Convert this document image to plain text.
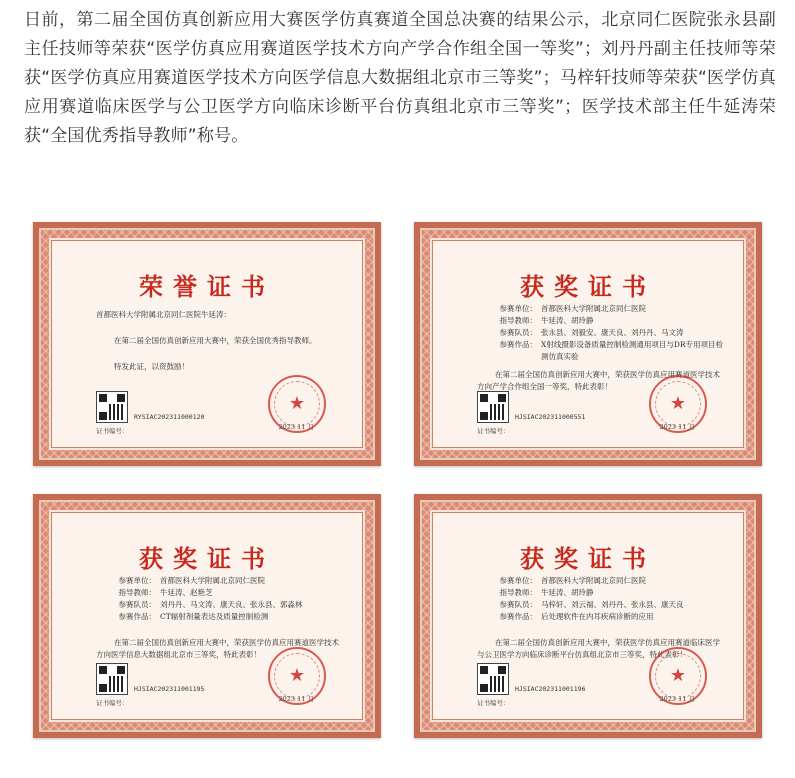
日前，第二届全国仿真创新应用大赛医学仿真赛道全国总决赛的结果公示，北京同仁医院张永县副主任技师等荣获“医学仿真应用赛道医学技术方向产学合作组全国一等奖”；刘丹丹副主任技师等荣获“医学仿真应用赛道医学技术方向医学信息大数据组北京市三等奖”；马梓轩技师等荣获“医学仿真应用赛道临床医学与公卫医学方向临床诊断平台仿真组北京市三等奖”；医学技术部主任牛延涛荣获“全国优秀指导教师”称号。
荣誉证书
首都医科大学附属北京同仁医院牛延涛：
在第二届全国仿真创新应用大赛中，荣获全国优秀指导教师。
特发此证，以资鼓励！
RYSIAC202311000120
证书编号：
★
2023 11 月
获奖证书
参赛单位： 首都医科大学附属北京同仁医院
指导教师： 牛延涛、胡玲静
参赛队员： 张永县、刘毅安、康天良、刘丹丹、马文涛
参赛作品： X射线摄影设备质量控制检测通用项目与DR专用项目检测仿真实验
在第二届全国仿真创新应用大赛中，荣获医学仿真应用赛道医学技术方向产学合作组全国一等奖，特此表彰！
HJSIAC202311000551
证书编号：
★
2023 11 月
获奖证书
参赛单位： 首都医科大学附属北京同仁医院
指导教师： 牛延涛、赵艳芝
参赛队员： 刘丹丹、马文涛、康天良、张永县、郭淼林
参赛作品： CT辐射剂量表达及质量控制检测
在第二届全国仿真创新应用大赛中，荣获医学仿真应用赛道医学技术方向医学信息大数据组北京市三等奖，特此表彰！
HJSIAC202311001195
证书编号：
★
2023 11 月
获奖证书
参赛单位： 首都医科大学附属北京同仁医院
指导教师： 牛延涛、胡玲静
参赛队员： 马梓轩、刘云福、刘丹丹、张永县、康天良
参赛作品： 后处理软件在内耳疾病诊断的应用
在第二届全国仿真创新应用大赛中，荣获医学仿真应用赛道临床医学与公卫医学方向临床诊断平台仿真组北京市三等奖，特此表彰！
HJSIAC202311001196
证书编号：
★
2023 11 月
